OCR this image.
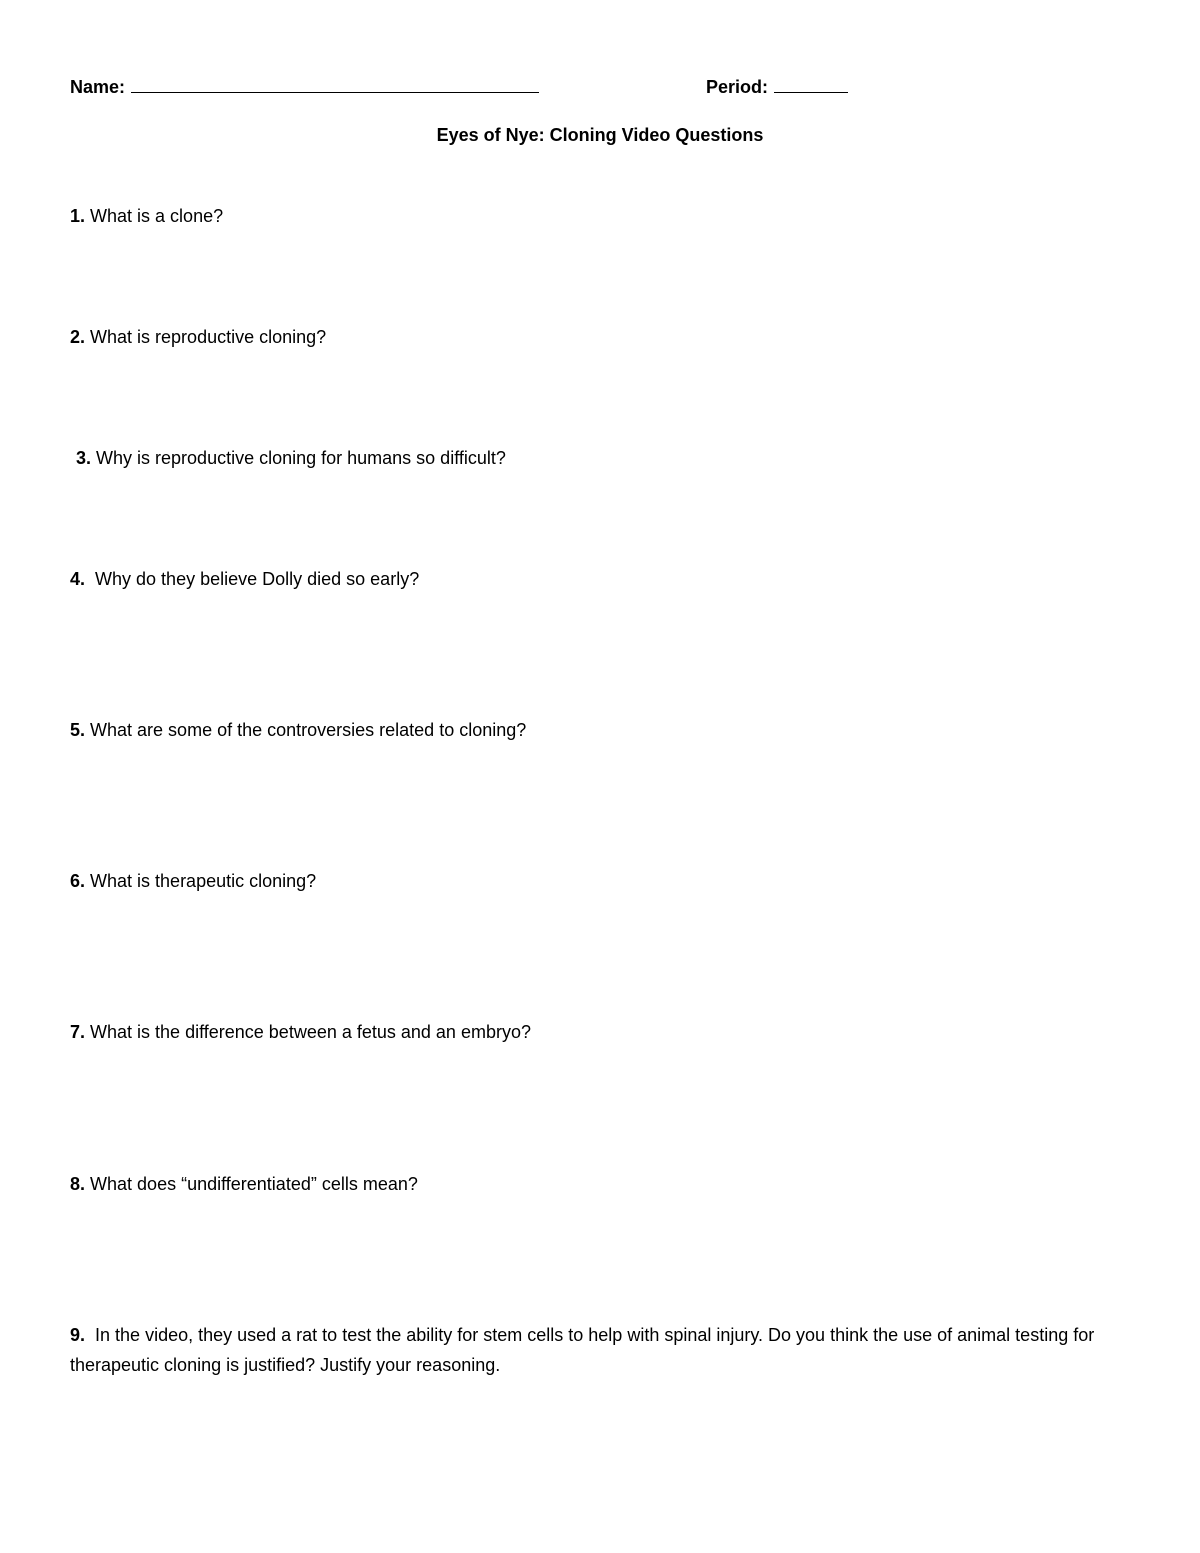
Name:	Period:
Eyes of Nye: Cloning Video Questions
1. What is a clone?
2. What is reproductive cloning?
3. Why is reproductive cloning for humans so difficult?
4. Why do they believe Dolly died so early?
5. What are some of the controversies related to cloning?
6. What is therapeutic cloning?
7. What is the difference between a fetus and an embryo?
8. What does “undifferentiated” cells mean?
9. In the video, they used a rat to test the ability for stem cells to help with spinal injury. Do you think the use of animal testing for therapeutic cloning is justified? Justify your reasoning.
